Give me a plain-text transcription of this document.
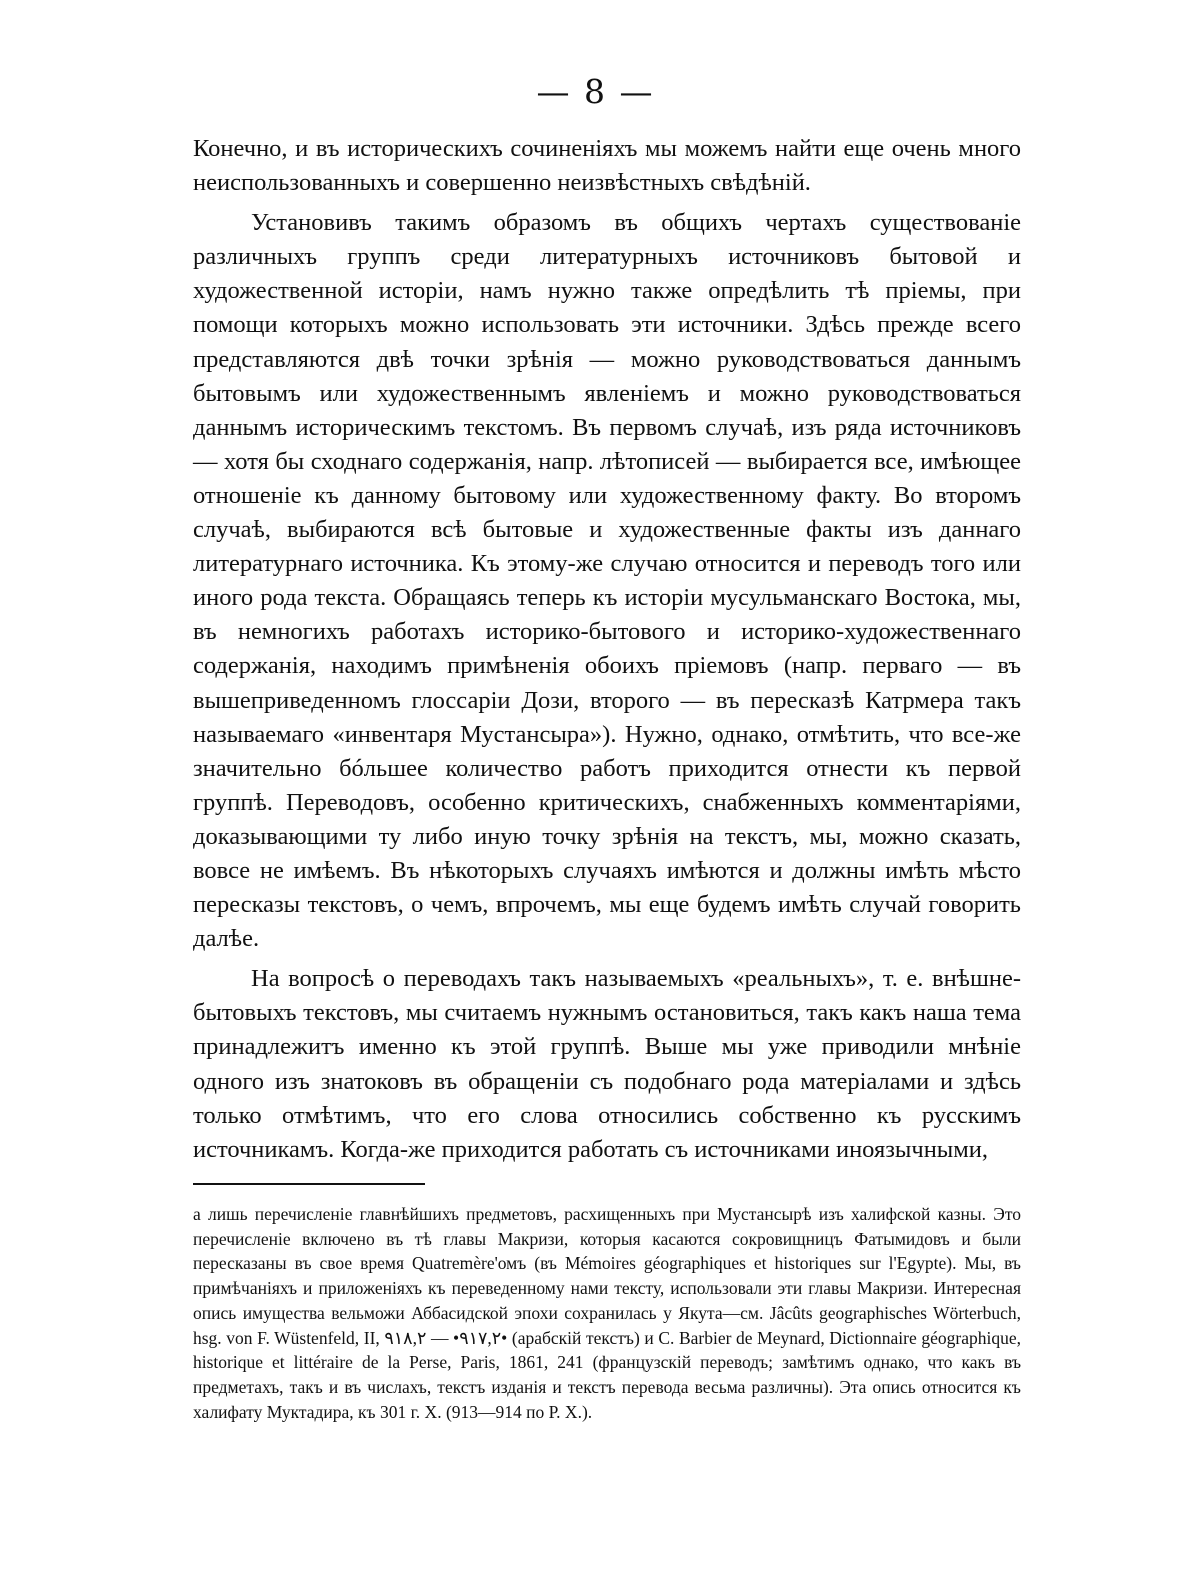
— 8 —

Конечно, и въ историческихъ сочиненіяхъ мы можемъ найти еще очень много неиспользованныхъ и совершенно неизвѣстныхъ свѣдѣній.

Установивъ такимъ образомъ въ общихъ чертахъ существованіе различныхъ группъ среди литературныхъ источниковъ бытовой и художественной исторіи, намъ нужно также опредѣлить тѣ пріемы, при помощи которыхъ можно использовать эти источники. Здѣсь прежде всего представляются двѣ точки зрѣнія — можно руководствоваться даннымъ бытовымъ или художественнымъ явленіемъ и можно руководствоваться даннымъ историческимъ текстомъ. Въ первомъ случаѣ, изъ ряда источниковъ — хотя бы сходнаго содержанія, напр. лѣтописей — выбирается все, имѣющее отношеніе къ данному бытовому или художественному факту. Во второмъ случаѣ, выбираются всѣ бытовые и художественные факты изъ даннаго литературнаго источника. Къ этому-же случаю относится и переводъ того или иного рода текста. Обращаясь теперь къ исторіи мусульманскаго Востока, мы, въ немногихъ работахъ историко-бытового и историко-художественнаго содержанія, находимъ примѣненія обоихъ пріемовъ (напр. перваго — въ вышеприведенномъ глоссаріи Дози, второго — въ пересказѣ Катрмера такъ называемаго «инвентаря Мустансыра»). Нужно, однако, отмѣтить, что все-же значительно бóльшее количество работъ приходится отнести къ первой группѣ. Переводовъ, особенно критическихъ, снабженныхъ комментаріями, доказывающими ту либо иную точку зрѣнія на текстъ, мы, можно сказать, вовсе не имѣемъ. Въ нѣкоторыхъ случаяхъ имѣются и должны имѣть мѣсто пересказы текстовъ, о чемъ, впрочемъ, мы еще будемъ имѣть случай говорить далѣе.

На вопросѣ о переводахъ такъ называемыхъ «реальныхъ», т. е. внѣшне-бытовыхъ текстовъ, мы считаемъ нужнымъ остановиться, такъ какъ наша тема принадлежитъ именно къ этой группѣ. Выше мы уже приводили мнѣніе одного изъ знатоковъ въ обращеніи съ подобнаго рода матеріалами и здѣсь только отмѣтимъ, что его слова относились собственно къ русскимъ источникамъ. Когда-же приходится работать съ источниками иноязычными,

а лишь перечисленіе главнѣйшихъ предметовъ, расхищенныхъ при Мустансырѣ изъ халифской казны. Это перечисленіе включено въ тѣ главы Макризи, которыя касаются сокровищницъ Фатымидовъ и были пересказаны въ свое время Quatremère'омъ (въ Mémoires géographiques et historiques sur l'Egypte). Мы, въ примѣчаніяхъ и приложеніяхъ къ переведенному нами тексту, использовали эти главы Макризи. Интересная опись имущества вельможи Аббасидской эпохи сохранилась у Якута—см. Jâcûts geographisches Wörterbuch, hsg. von F. Wüstenfeld, II, ٩١٧,٢• — ٩١٨,٢• (арабскій текстъ) и C. Barbier de Meynard, Dictionnaire géographique, historique et littéraire de la Perse, Paris, 1861, 241 (французскій переводъ; замѣтимъ однако, что какъ въ предметахъ, такъ и въ числахъ, текстъ изданія и текстъ перевода весьма различны). Эта опись относится къ халифату Муктадира, къ 301 г. Х. (913—914 по Р. Х.).
